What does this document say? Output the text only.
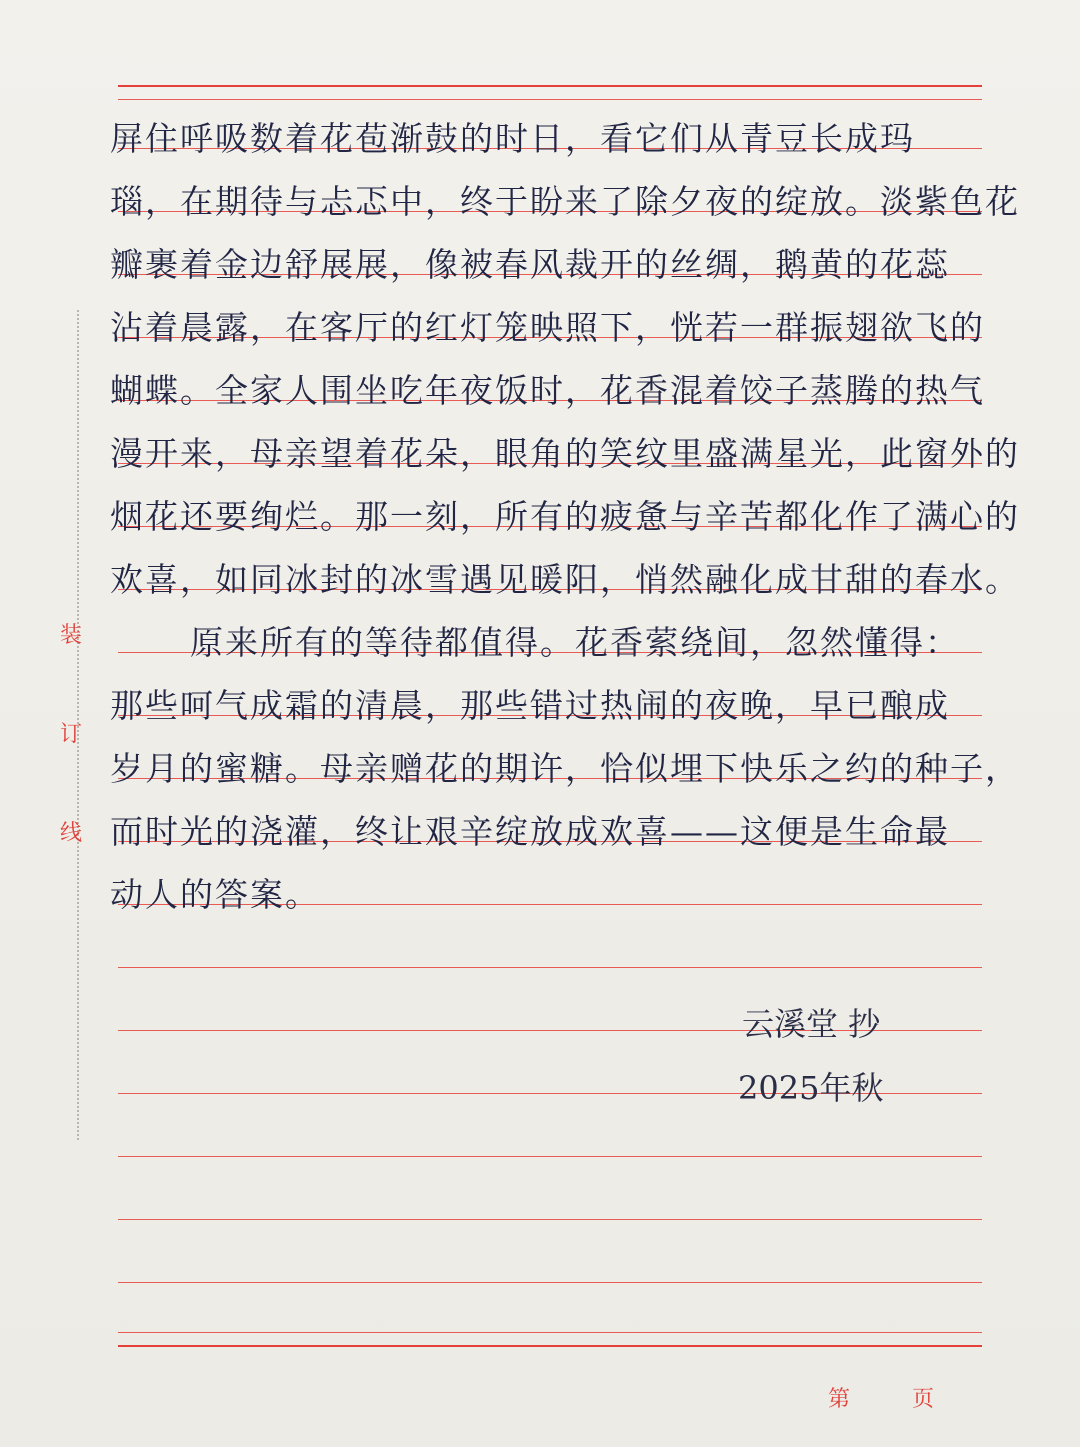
装
订
线
屏住呼吸数着花苞渐鼓的时日，看它们从青豆长成玛
瑙，在期待与忐忑中，终于盼来了除夕夜的绽放。淡紫色花
瓣裹着金边舒展展，像被春风裁开的丝绸，鹅黄的花蕊
沾着晨露，在客厅的红灯笼映照下，恍若一群振翅欲飞的
蝴蝶。全家人围坐吃年夜饭时，花香混着饺子蒸腾的热气
漫开来，母亲望着花朵，眼角的笑纹里盛满星光，此窗外的
烟花还要绚烂。那一刻，所有的疲惫与辛苦都化作了满心的
欢喜，如同冰封的冰雪遇见暖阳，悄然融化成甘甜的春水。
原来所有的等待都值得。花香萦绕间，忽然懂得：
那些呵气成霜的清晨，那些错过热闹的夜晚，早已酿成
岁月的蜜糖。母亲赠花的期许，恰似埋下快乐之约的种子，
而时光的浇灌，终让艰辛绽放成欢喜——这便是生命最
动人的答案。
云溪堂 抄
2025年秋
第	页
